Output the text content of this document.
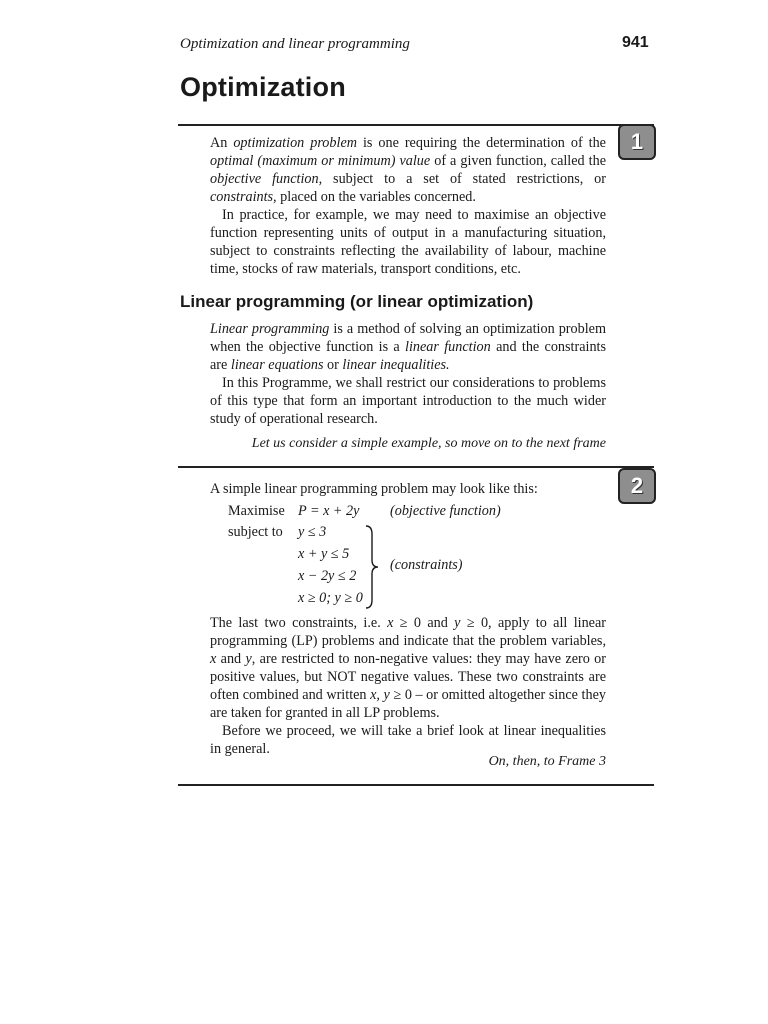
Optimization and linear programming	941
Optimization
1

An optimization problem is one requiring the determination of the optimal (maximum or minimum) value of a given function, called the objective function, subject to a set of stated restrictions, or constraints, placed on the variables concerned.

In practice, for example, we may need to maximise an objective function representing units of output in a manufacturing situation, subject to constraints reflecting the availability of labour, machine time, stocks of raw materials, transport conditions, etc.

Linear programming (or linear optimization)

Linear programming is a method of solving an optimization problem when the objective function is a linear function and the constraints are linear equations or linear inequalities.

In this Programme, we shall restrict our considerations to problems of this type that form an important introduction to the much wider study of operational research.

Let us consider a simple example, so move on to the next frame
2
A simple linear programming problem may look like this:
Maximise P = x + 2y (objective function)
subject to y ≤ 3
x + y ≤ 5
x − 2y ≤ 2
x ≥ 0; y ≥ 0
(constraints)

The last two constraints, i.e. x ≥ 0 and y ≥ 0, apply to all linear programming (LP) problems and indicate that the problem variables, x and y, are restricted to non-negative values: they may have zero or positive values, but NOT negative values. These two constraints are often combined and written x, y ≥ 0 – or omitted altogether since they are taken for granted in all LP problems.

Before we proceed, we will take a brief look at linear inequalities in general.

On, then, to Frame 3
